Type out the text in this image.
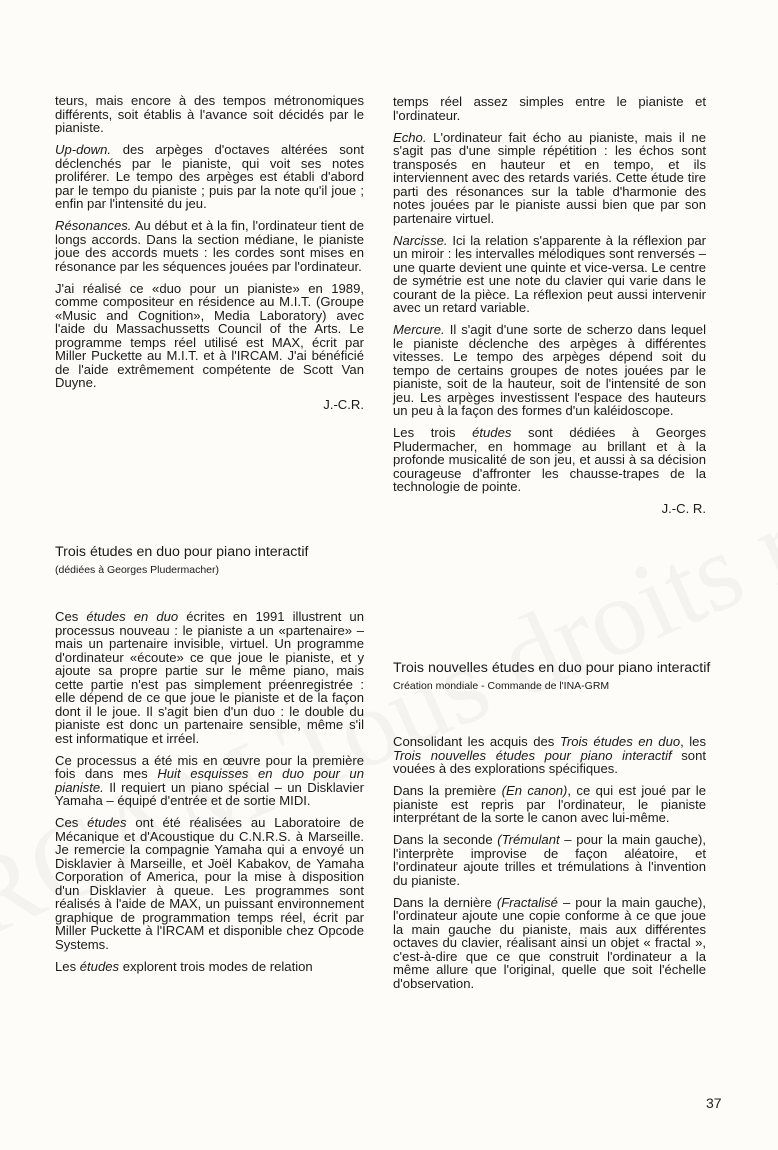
teurs, mais encore à des tempos métronomiques différents, soit établis à l'avance soit décidés par le pianiste.

Up-down. des arpèges d'octaves altérées sont déclenchés par le pianiste, qui voit ses notes proliférer. Le tempo des arpèges est établi d'abord par le tempo du pianiste ; puis par la note qu'il joue ; enfin par l'intensité du jeu.

Résonances. Au début et à la fin, l'ordinateur tient de longs accords. Dans la section médiane, le pianiste joue des accords muets : les cordes sont mises en résonance par les séquences jouées par l'ordinateur.

J'ai réalisé ce «duo pour un pianiste» en 1989, comme compositeur en résidence au M.I.T. (Groupe «Music and Cognition», Media Laboratory) avec l'aide du Massachussetts Council of the Arts. Le programme temps réel utilisé est MAX, écrit par Miller Puckette au M.I.T. et à l'IRCAM. J'ai bénéficié de l'aide extrêmement compétente de Scott Van Duyne.

J.-C.R.

Trois études en duo pour piano interactif

(dédiées à Georges Pludermacher)

Ces études en duo écrites en 1991 illustrent un processus nouveau : le pianiste a un «partenaire» – mais un partenaire invisible, virtuel. Un programme d'ordinateur «écoute» ce que joue le pianiste, et y ajoute sa propre partie sur le même piano, mais cette partie n'est pas simplement préenregistrée : elle dépend de ce que joue le pianiste et de la façon dont il le joue. Il s'agit bien d'un duo : le double du pianiste est donc un partenaire sensible, même s'il est informatique et irréel.

Ce processus a été mis en œuvre pour la première fois dans mes Huit esquisses en duo pour un pianiste. Il requiert un piano spécial – un Disklavier Yamaha – équipé d'entrée et de sortie MIDI.

Ces études ont été réalisées au Laboratoire de Mécanique et d'Acoustique du C.N.R.S. à Marseille. Je remercie la compagnie Yamaha qui a envoyé un Disklavier à Marseille, et Joël Kabakov, de Yamaha Corporation of America, pour la mise à disposition d'un Disklavier à queue. Les programmes sont réalisés à l'aide de MAX, un puissant environnement graphique de programmation temps réel, écrit par Miller Puckette à l'IRCAM et disponible chez Opcode Systems.

Les études explorent trois modes de relation

temps réel assez simples entre le pianiste et l'ordinateur.

Echo. L'ordinateur fait écho au pianiste, mais il ne s'agit pas d'une simple répétition : les échos sont transposés en hauteur et en tempo, et ils interviennent avec des retards variés. Cette étude tire parti des résonances sur la table d'harmonie des notes jouées par le pianiste aussi bien que par son partenaire virtuel.

Narcisse. Ici la relation s'apparente à la réflexion par un miroir : les intervalles mélodiques sont renversés – une quarte devient une quinte et vice-versa. Le centre de symétrie est une note du clavier qui varie dans le courant de la pièce. La réflexion peut aussi intervenir avec un retard variable.

Mercure. Il s'agit d'une sorte de scherzo dans lequel le pianiste déclenche des arpèges à différentes vitesses. Le tempo des arpèges dépend soit du tempo de certains groupes de notes jouées par le pianiste, soit de la hauteur, soit de l'intensité de son jeu. Les arpèges investissent l'espace des hauteurs un peu à la façon des formes d'un kaléidoscope.

Les trois études sont dédiées à Georges Pludermacher, en hommage au brillant et à la profonde musicalité de son jeu, et aussi à sa décision courageuse d'affronter les chausse-trapes de la technologie de pointe.

J.-C. R.

Trois nouvelles études en duo pour piano interactif

Création mondiale - Commande de l'INA-GRM

Consolidant les acquis des Trois études en duo, les Trois nouvelles études pour piano interactif sont vouées à des explorations spécifiques.

Dans la première (En canon), ce qui est joué par le pianiste est repris par l'ordinateur, le pianiste interprétant de la sorte le canon avec lui-même.

Dans la seconde (Trémulant – pour la main gauche), l'interprète improvise de façon aléatoire, et l'ordinateur ajoute trilles et trémulations à l'invention du pianiste.

Dans la dernière (Fractalisé – pour la main gauche), l'ordinateur ajoute une copie conforme à ce que joue la main gauche du pianiste, mais aux différentes octaves du clavier, réalisant ainsi un objet « fractal », c'est-à-dire que ce que construit l'ordinateur a la même allure que l'original, quelle que soit l'échelle d'observation.

37
